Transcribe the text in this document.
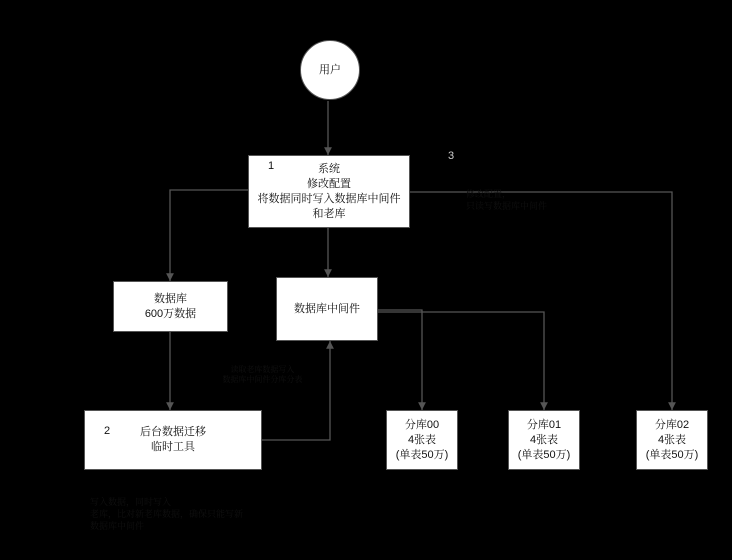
用户
系统
修改配置
将数据同时写入数据库中间件
和老库
数据库
600万数据	数据库中间件
后台数据迁移
临时工具
分库00
4张表
(单表50万)
分库01
4张表
(单表50万)
分库02
4张表
(单表50万)
1
2
3

读取老库数据写入
数据库中间件分库分表

修改配置，
只读写数据库中间件

写入数据，同时写入
老库，比对新老库数据，确保只能写新
数据库中间件
